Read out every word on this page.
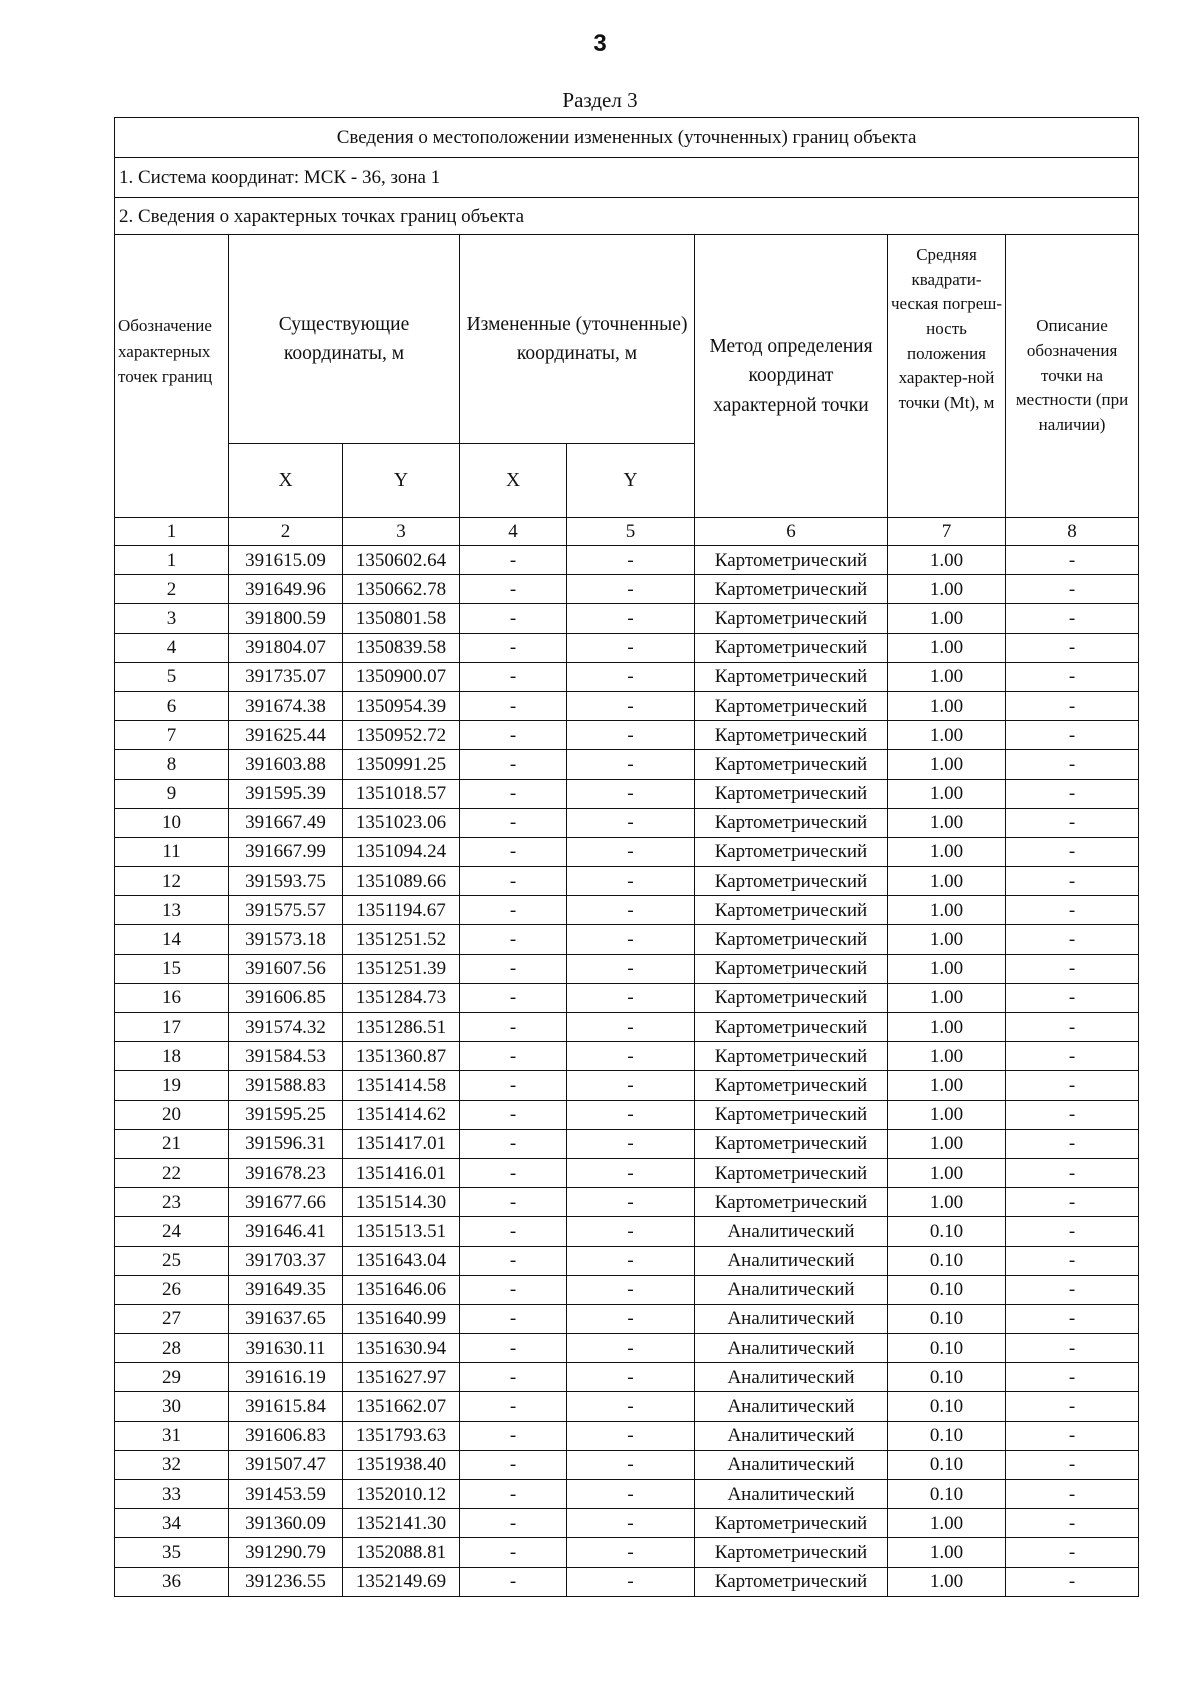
3
Раздел 3
Сведения о местоположении измененных (уточненных) границ объекта							
1. Система координат: МСК - 36, зона 1							
2. Сведения о характерных точках границ объекта							
Обозначение характерных точек границ	Существующие координаты, м		Измененные (уточненные) координаты, м		Метод определения координат характерной точки	Средняя квадрати-ческая погреш-ность положения характер-ной точки (Mt), м	Описание обозначения точки на местности (при наличии)
	X	Y	X	Y			
1	2	3	4	5	6	7	8
1	391615.09	1350602.64	-	-	Картометрический	1.00	-
2	391649.96	1350662.78	-	-	Картометрический	1.00	-
3	391800.59	1350801.58	-	-	Картометрический	1.00	-
4	391804.07	1350839.58	-	-	Картометрический	1.00	-
5	391735.07	1350900.07	-	-	Картометрический	1.00	-
6	391674.38	1350954.39	-	-	Картометрический	1.00	-
7	391625.44	1350952.72	-	-	Картометрический	1.00	-
8	391603.88	1350991.25	-	-	Картометрический	1.00	-
9	391595.39	1351018.57	-	-	Картометрический	1.00	-
10	391667.49	1351023.06	-	-	Картометрический	1.00	-
11	391667.99	1351094.24	-	-	Картометрический	1.00	-
12	391593.75	1351089.66	-	-	Картометрический	1.00	-
13	391575.57	1351194.67	-	-	Картометрический	1.00	-
14	391573.18	1351251.52	-	-	Картометрический	1.00	-
15	391607.56	1351251.39	-	-	Картометрический	1.00	-
16	391606.85	1351284.73	-	-	Картометрический	1.00	-
17	391574.32	1351286.51	-	-	Картометрический	1.00	-
18	391584.53	1351360.87	-	-	Картометрический	1.00	-
19	391588.83	1351414.58	-	-	Картометрический	1.00	-
20	391595.25	1351414.62	-	-	Картометрический	1.00	-
21	391596.31	1351417.01	-	-	Картометрический	1.00	-
22	391678.23	1351416.01	-	-	Картометрический	1.00	-
23	391677.66	1351514.30	-	-	Картометрический	1.00	-
24	391646.41	1351513.51	-	-	Аналитический	0.10	-
25	391703.37	1351643.04	-	-	Аналитический	0.10	-
26	391649.35	1351646.06	-	-	Аналитический	0.10	-
27	391637.65	1351640.99	-	-	Аналитический	0.10	-
28	391630.11	1351630.94	-	-	Аналитический	0.10	-
29	391616.19	1351627.97	-	-	Аналитический	0.10	-
30	391615.84	1351662.07	-	-	Аналитический	0.10	-
31	391606.83	1351793.63	-	-	Аналитический	0.10	-
32	391507.47	1351938.40	-	-	Аналитический	0.10	-
33	391453.59	1352010.12	-	-	Аналитический	0.10	-
34	391360.09	1352141.30	-	-	Картометрический	1.00	-
35	391290.79	1352088.81	-	-	Картометрический	1.00	-
36	391236.55	1352149.69	-	-	Картометрический	1.00	-
